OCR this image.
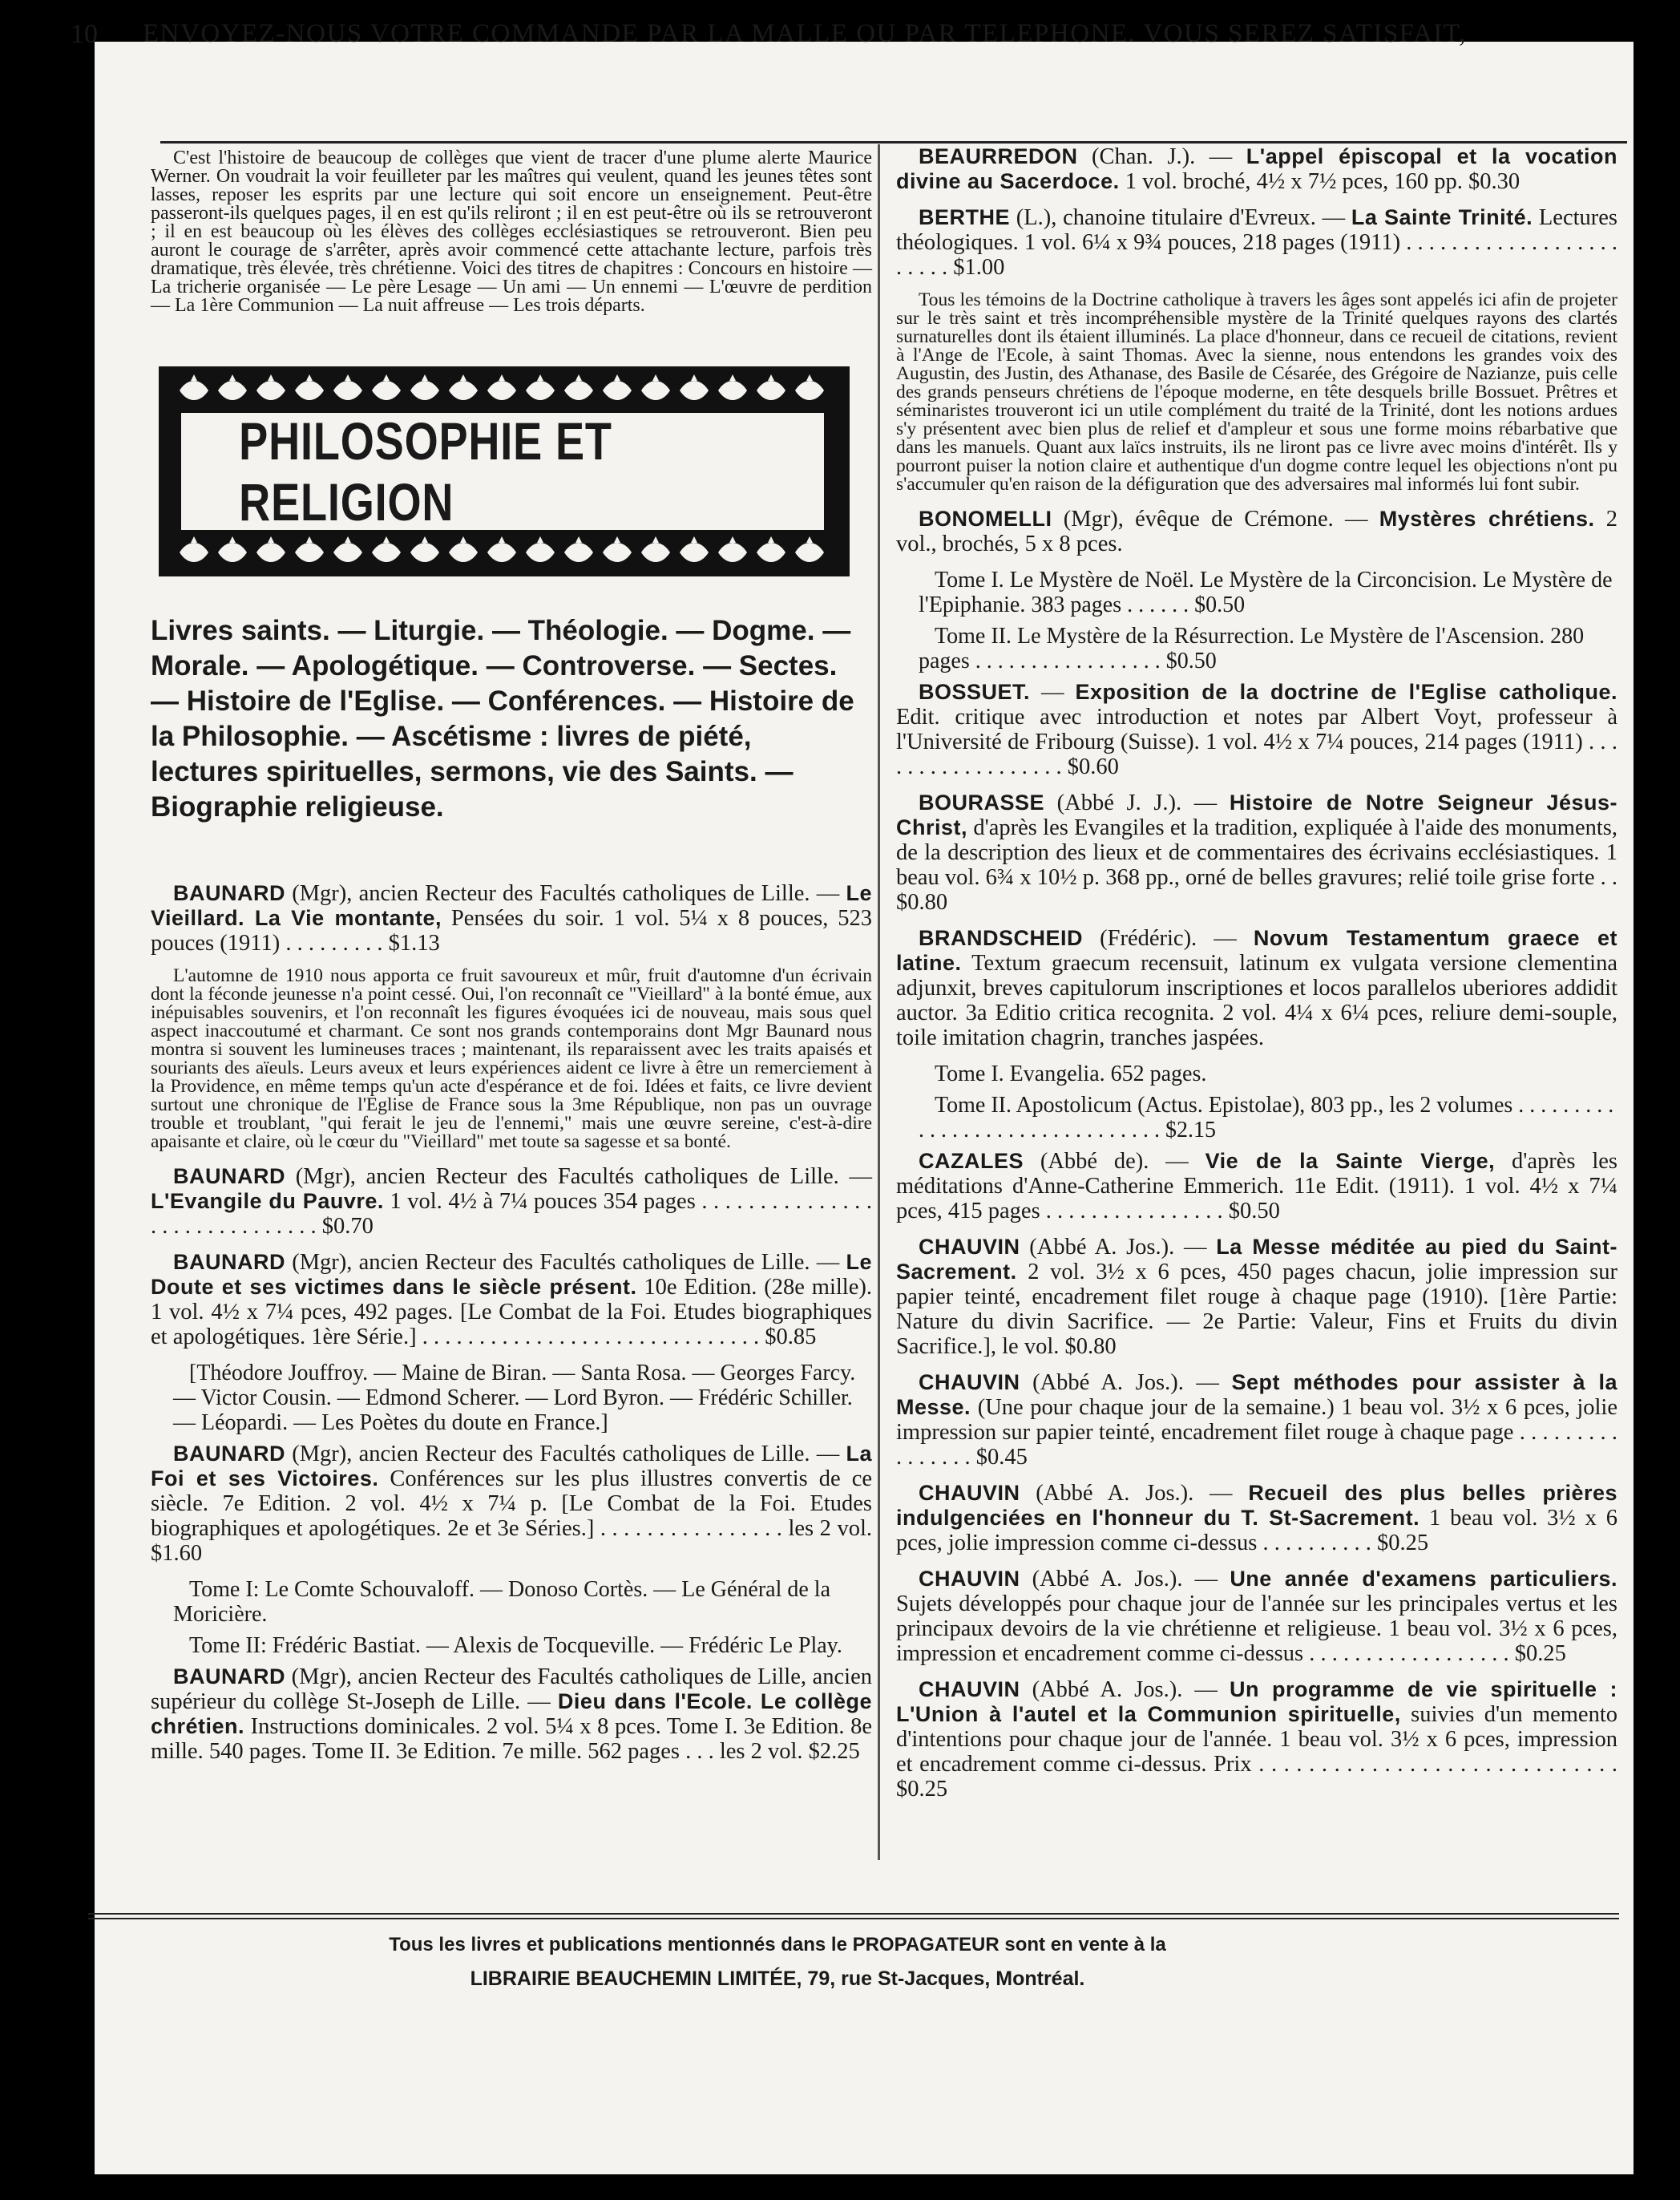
10 ENVOYEZ-NOUS VOTRE COMMANDE PAR LA MALLE OU PAR TELEPHONE. VOUS SEREZ SATISFAIT,

C'est l'histoire de beaucoup de collèges que vient de tracer d'une plume alerte Maurice Werner. On voudrait la voir feuilleter par les maîtres qui veulent, quand les jeunes têtes sont lasses, reposer les esprits par une lecture qui soit encore un enseignement. Peut-être passeront-ils quelques pages, il en est qu'ils reliront ; il en est peut-être où ils se retrouveront ; il en est beaucoup où les élèves des collèges ecclésiastiques se retrouveront. Bien peu auront le courage de s'arrêter, après avoir commencé cette attachante lecture, parfois très dramatique, très élevée, très chrétienne. Voici des titres de chapitres : Concours en histoire — La tricherie organisée — Le père Lesage — Un ami — Un ennemi — L'œuvre de perdition — La 1ère Communion — La nuit affreuse — Les trois départs.

PHILOSOPHIE ET RELIGION
Livres saints. — Liturgie. — Théologie. — Dogme. — Morale. — Apologétique. — Controverse. — Sectes. — Histoire de l'Eglise. — Conférences. — Histoire de la Philosophie. — Ascétisme : livres de piété, lectures spirituelles, sermons, vie des Saints. — Biographie religieuse.

BAUNARD (Mgr), ancien Recteur des Facultés catholiques de Lille. — Le Vieillard. La Vie montante, Pensées du soir. 1 vol. 5¼ x 8 pouces, 523 pouces (1911) . . . . . . . . . $1.13

L'automne de 1910 nous apporta ce fruit savoureux et mûr, fruit d'automne d'un écrivain dont la féconde jeunesse n'a point cessé. Oui, l'on reconnaît ce "Vieillard" à la bonté émue, aux inépuisables souvenirs, et l'on reconnaît les figures évoquées ici de nouveau, mais sous quel aspect inaccoutumé et charmant. Ce sont nos grands contemporains dont Mgr Baunard nous montra si souvent les lumineuses traces ; maintenant, ils reparaissent avec les traits apaisés et souriants des aïeuls. Leurs aveux et leurs expériences aident ce livre à être un remerciement à la Providence, en même temps qu'un acte d'espérance et de foi. Idées et faits, ce livre devient surtout une chronique de l'Eglise de France sous la 3me République, non pas un ouvrage trouble et troublant, "qui ferait le jeu de l'ennemi," mais une œuvre sereine, c'est-à-dire apaisante et claire, où le cœur du "Vieillard" met toute sa sagesse et sa bonté.

BAUNARD (Mgr), ancien Recteur des Facultés catholiques de Lille. — L'Evangile du Pauvre. 1 vol. 4½ à 7¼ pouces 354 pages . . . . . . . . . . . . . . . . . . . . . . . . . . . . . . $0.70

BAUNARD (Mgr), ancien Recteur des Facultés catholiques de Lille. — Le Doute et ses victimes dans le siècle présent. 10e Edition. (28e mille). 1 vol. 4½ x 7¼ pces, 492 pages. [Le Combat de la Foi. Etudes biographiques et apologétiques. 1ère Série.] . . . . . . . . . . . . . . . . . . . . . . . . . . . . . . $0.85

[Théodore Jouffroy. — Maine de Biran. — Santa Rosa. — Georges Farcy. — Victor Cousin. — Edmond Scherer. — Lord Byron. — Frédéric Schiller. — Léopardi. — Les Poètes du doute en France.]

BAUNARD (Mgr), ancien Recteur des Facultés catholiques de Lille. — La Foi et ses Victoires. Conférences sur les plus illustres convertis de ce siècle. 7e Edition. 2 vol. 4½ x 7¼ p. [Le Combat de la Foi. Etudes biographiques et apologétiques. 2e et 3e Séries.] . . . . . . . . . . . . . . . . les 2 vol. $1.60

Tome I: Le Comte Schouvaloff. — Donoso Cortès. — Le Général de la Moricière.

Tome II: Frédéric Bastiat. — Alexis de Tocqueville. — Frédéric Le Play.

BAUNARD (Mgr), ancien Recteur des Facultés catholiques de Lille, ancien supérieur du collège St-Joseph de Lille. — Dieu dans l'Ecole. Le collège chrétien. Instructions dominicales. 2 vol. 5¼ x 8 pces. Tome I. 3e Edition. 8e mille. 540 pages. Tome II. 3e Edition. 7e mille. 562 pages . . . les 2 vol. $2.25

BEAURREDON (Chan. J.). — L'appel épiscopal et la vocation divine au Sacerdoce. 1 vol. broché, 4½ x 7½ pces, 160 pp. $0.30

BERTHE (L.), chanoine titulaire d'Evreux. — La Sainte Trinité. Lectures théologiques. 1 vol. 6¼ x 9¾ pouces, 218 pages (1911) . . . . . . . . . . . . . . . . . . . . . . . . $1.00

Tous les témoins de la Doctrine catholique à travers les âges sont appelés ici afin de projeter sur le très saint et très incompréhensible mystère de la Trinité quelques rayons des clartés surnaturelles dont ils étaient illuminés. La place d'honneur, dans ce recueil de citations, revient à l'Ange de l'Ecole, à saint Thomas. Avec la sienne, nous entendons les grandes voix des Augustin, des Justin, des Athanase, des Basile de Césarée, des Grégoire de Nazianze, puis celle des grands penseurs chrétiens de l'époque moderne, en tête desquels brille Bossuet. Prêtres et séminaristes trouveront ici un utile complément du traité de la Trinité, dont les notions ardues s'y présentent avec bien plus de relief et d'ampleur et sous une forme moins rébarbative que dans les manuels. Quant aux laïcs instruits, ils ne liront pas ce livre avec moins d'intérêt. Ils y pourront puiser la notion claire et authentique d'un dogme contre lequel les objections n'ont pu s'accumuler qu'en raison de la défiguration que des adversaires mal informés lui font subir.

BONOMELLI (Mgr), évêque de Crémone. — Mystères chrétiens. 2 vol., brochés, 5 x 8 pces.

Tome I. Le Mystère de Noël. Le Mystère de la Circoncision. Le Mystère de l'Epiphanie. 383 pages . . . . . . $0.50

Tome II. Le Mystère de la Résurrection. Le Mystère de l'Ascension. 280 pages . . . . . . . . . . . . . . . . . $0.50

BOSSUET. — Exposition de la doctrine de l'Eglise catholique. Edit. critique avec introduction et notes par Albert Voyt, professeur à l'Université de Fribourg (Suisse). 1 vol. 4½ x 7¼ pouces, 214 pages (1911) . . . . . . . . . . . . . . . . . . $0.60

BOURASSE (Abbé J. J.). — Histoire de Notre Seigneur Jésus-Christ, d'après les Evangiles et la tradition, expliquée à l'aide des monuments, de la description des lieux et de commentaires des écrivains ecclésiastiques. 1 beau vol. 6¾ x 10½ p. 368 pp., orné de belles gravures; relié toile grise forte . . $0.80

BRANDSCHEID (Frédéric). — Novum Testamentum graece et latine. Textum graecum recensuit, latinum ex vulgata versione clementina adjunxit, breves capitulorum inscriptiones et locos parallelos uberiores addidit auctor. 3a Editio critica recognita. 2 vol. 4¼ x 6¼ pces, reliure demi-souple, toile imitation chagrin, tranches jaspées.

Tome I. Evangelia. 652 pages.

Tome II. Apostolicum (Actus. Epistolae), 803 pp., les 2 volumes . . . . . . . . . . . . . . . . . . . . . . . . . . . . . . . $2.15

CAZALES (Abbé de). — Vie de la Sainte Vierge, d'après les méditations d'Anne-Catherine Emmerich. 11e Edit. (1911). 1 vol. 4½ x 7¼ pces, 415 pages . . . . . . . . . . . . . . . . $0.50

CHAUVIN (Abbé A. Jos.). — La Messe méditée au pied du Saint-Sacrement. 2 vol. 3½ x 6 pces, 450 pages chacun, jolie impression sur papier teinté, encadrement filet rouge à chaque page (1910). [1ère Partie: Nature du divin Sacrifice. — 2e Partie: Valeur, Fins et Fruits du divin Sacrifice.], le vol. $0.80

CHAUVIN (Abbé A. Jos.). — Sept méthodes pour assister à la Messe. (Une pour chaque jour de la semaine.) 1 beau vol. 3½ x 6 pces, jolie impression sur papier teinté, encadrement filet rouge à chaque page . . . . . . . . . . . . . . . . $0.45

CHAUVIN (Abbé A. Jos.). — Recueil des plus belles prières indulgenciées en l'honneur du T. St-Sacrement. 1 beau vol. 3½ x 6 pces, jolie impression comme ci-dessus . . . . . . . . . . $0.25

CHAUVIN (Abbé A. Jos.). — Une année d'examens particuliers. Sujets développés pour chaque jour de l'année sur les principales vertus et les principaux devoirs de la vie chrétienne et religieuse. 1 beau vol. 3½ x 6 pces, impression et encadrement comme ci-dessus . . . . . . . . . . . . . . . . . . $0.25

CHAUVIN (Abbé A. Jos.). — Un programme de vie spirituelle : L'Union à l'autel et la Communion spirituelle, suivies d'un memento d'intentions pour chaque jour de l'année. 1 beau vol. 3½ x 6 pces, impression et encadrement comme ci-dessus. Prix . . . . . . . . . . . . . . . . . . . . . . . . . . . . . $0.25

Tous les livres et publications mentionnés dans le PROPAGATEUR sont en vente à la
LIBRAIRIE BEAUCHEMIN LIMITÉE, 79, rue St-Jacques, Montréal.
